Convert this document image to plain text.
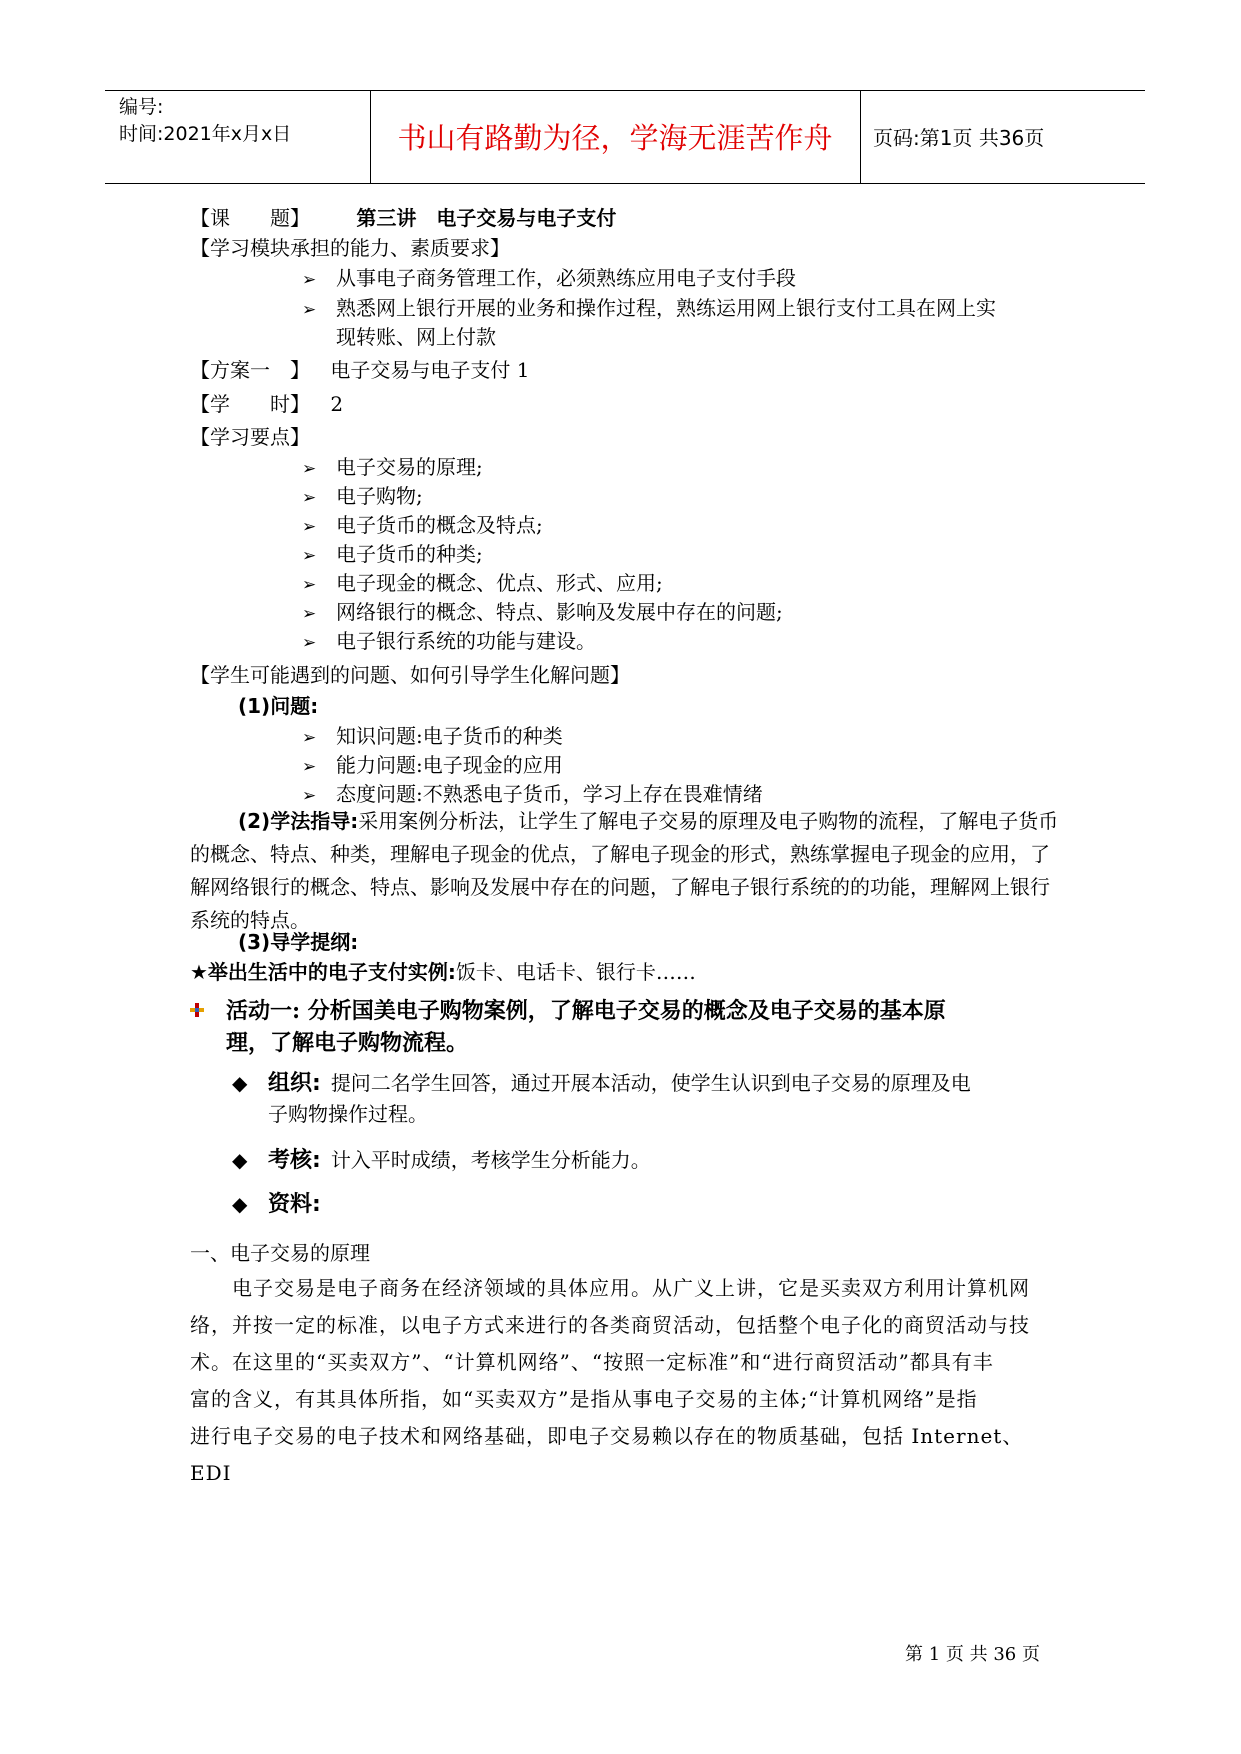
编号:
时间:2021年x月x日	书山有路勤为径，学海无涯苦作舟	页码:第1页 共36页
【课　　题】 第三讲　电子交易与电子支付
【学习模块承担的能力、素质要求】
➢ 从事电子商务管理工作，必须熟练应用电子支付手段
➢ 熟悉网上银行开展的业务和操作过程，熟练运用网上银行支付工具在网上实
现转账、网上付款
【方案一　】 电子交易与电子支付 1
【学　　时】 2
【学习要点】
➢ 电子交易的原理;
➢ 电子购物;
➢ 电子货币的概念及特点;
➢ 电子货币的种类;
➢ 电子现金的概念、优点、形式、应用;
➢ 网络银行的概念、特点、影响及发展中存在的问题;
➢ 电子银行系统的功能与建设。
【学生可能遇到的问题、如何引导学生化解问题】
(1)问题:
➢ 知识问题:电子货币的种类
➢ 能力问题:电子现金的应用
➢ 态度问题:不熟悉电子货币，学习上存在畏难情绪
(2)学法指导:采用案例分析法，让学生了解电子交易的原理及电子购物的流程，了解电子货币的概念、特点、种类，理解电子现金的优点，了解电子现金的形式，熟练掌握电子现金的应用，了解网络银行的概念、特点、影响及发展中存在的问题，了解电子银行系统的的功能，理解网上银行系统的特点。
(3)导学提纲:
★举出生活中的电子支付实例:饭卡、电话卡、银行卡……
活动一: 分析国美电子购物案例，了解电子交易的概念及电子交易的基本原
理，了解电子购物流程。
◆ 组织: 提问二名学生回答，通过开展本活动，使学生认识到电子交易的原理及电
子购物操作过程。
◆ 考核: 计入平时成绩，考核学生分析能力。
◆ 资料:
一、电子交易的原理
　　电子交易是电子商务在经济领域的具体应用。从广义上讲，它是买卖双方利用计算机网
络，并按一定的标准，以电子方式来进行的各类商贸活动，包括整个电子化的商贸活动与技
术。在这里的“买卖双方”、“计算机网络”、“按照一定标准”和“进行商贸活动”都具有丰
富的含义，有其具体所指，如“买卖双方”是指从事电子交易的主体;“计算机网络”是指
进行电子交易的电子技术和网络基础，即电子交易赖以存在的物质基础，包括 Internet、EDI
第 1 页 共 36 页
